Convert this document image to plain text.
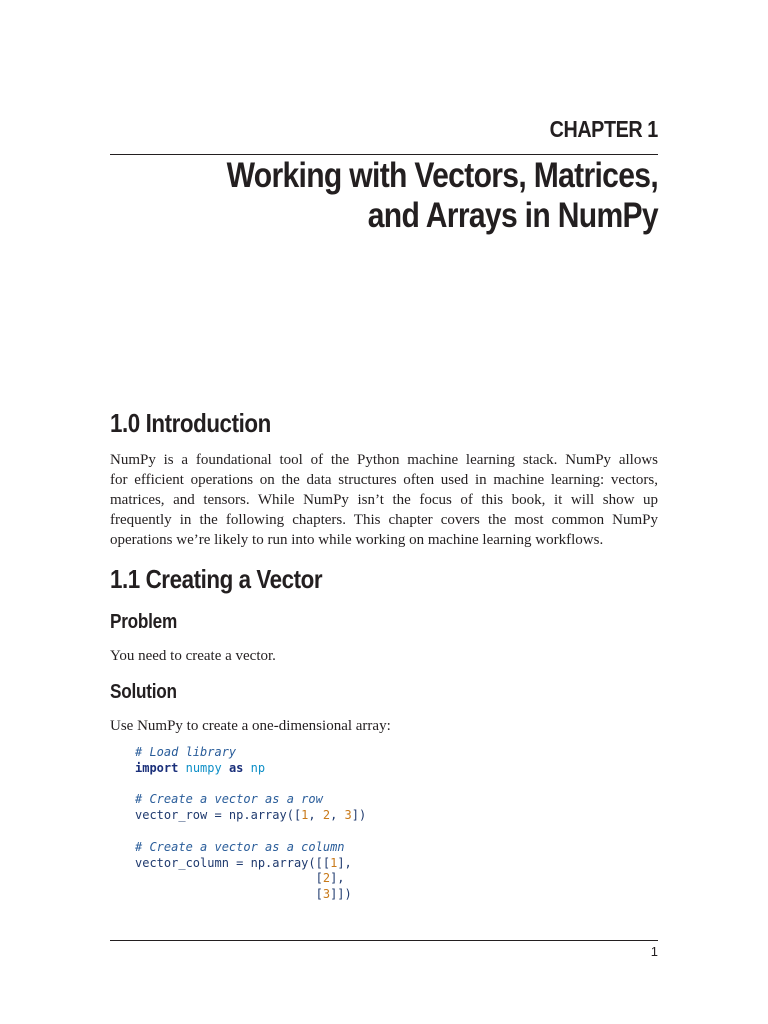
CHAPTER 1
Working with Vectors, Matrices,
and Arrays in NumPy
1.0 Introduction
NumPy is a foundational tool of the Python machine learning stack. NumPy allows
for efficient operations on the data structures often used in machine learning: vectors,
matrices, and tensors. While NumPy isn’t the focus of this book, it will show up
frequently in the following chapters. This chapter covers the most common NumPy
operations we’re likely to run into while working on machine learning workflows.
1.1 Creating a Vector
Problem
You need to create a vector.
Solution
Use NumPy to create a one-dimensional array:
# Load library
import numpy as np

# Create a vector as a row
vector_row = np.array([1, 2, 3])

# Create a vector as a column
vector_column = np.array([[1],
[2],
[3]])
1
